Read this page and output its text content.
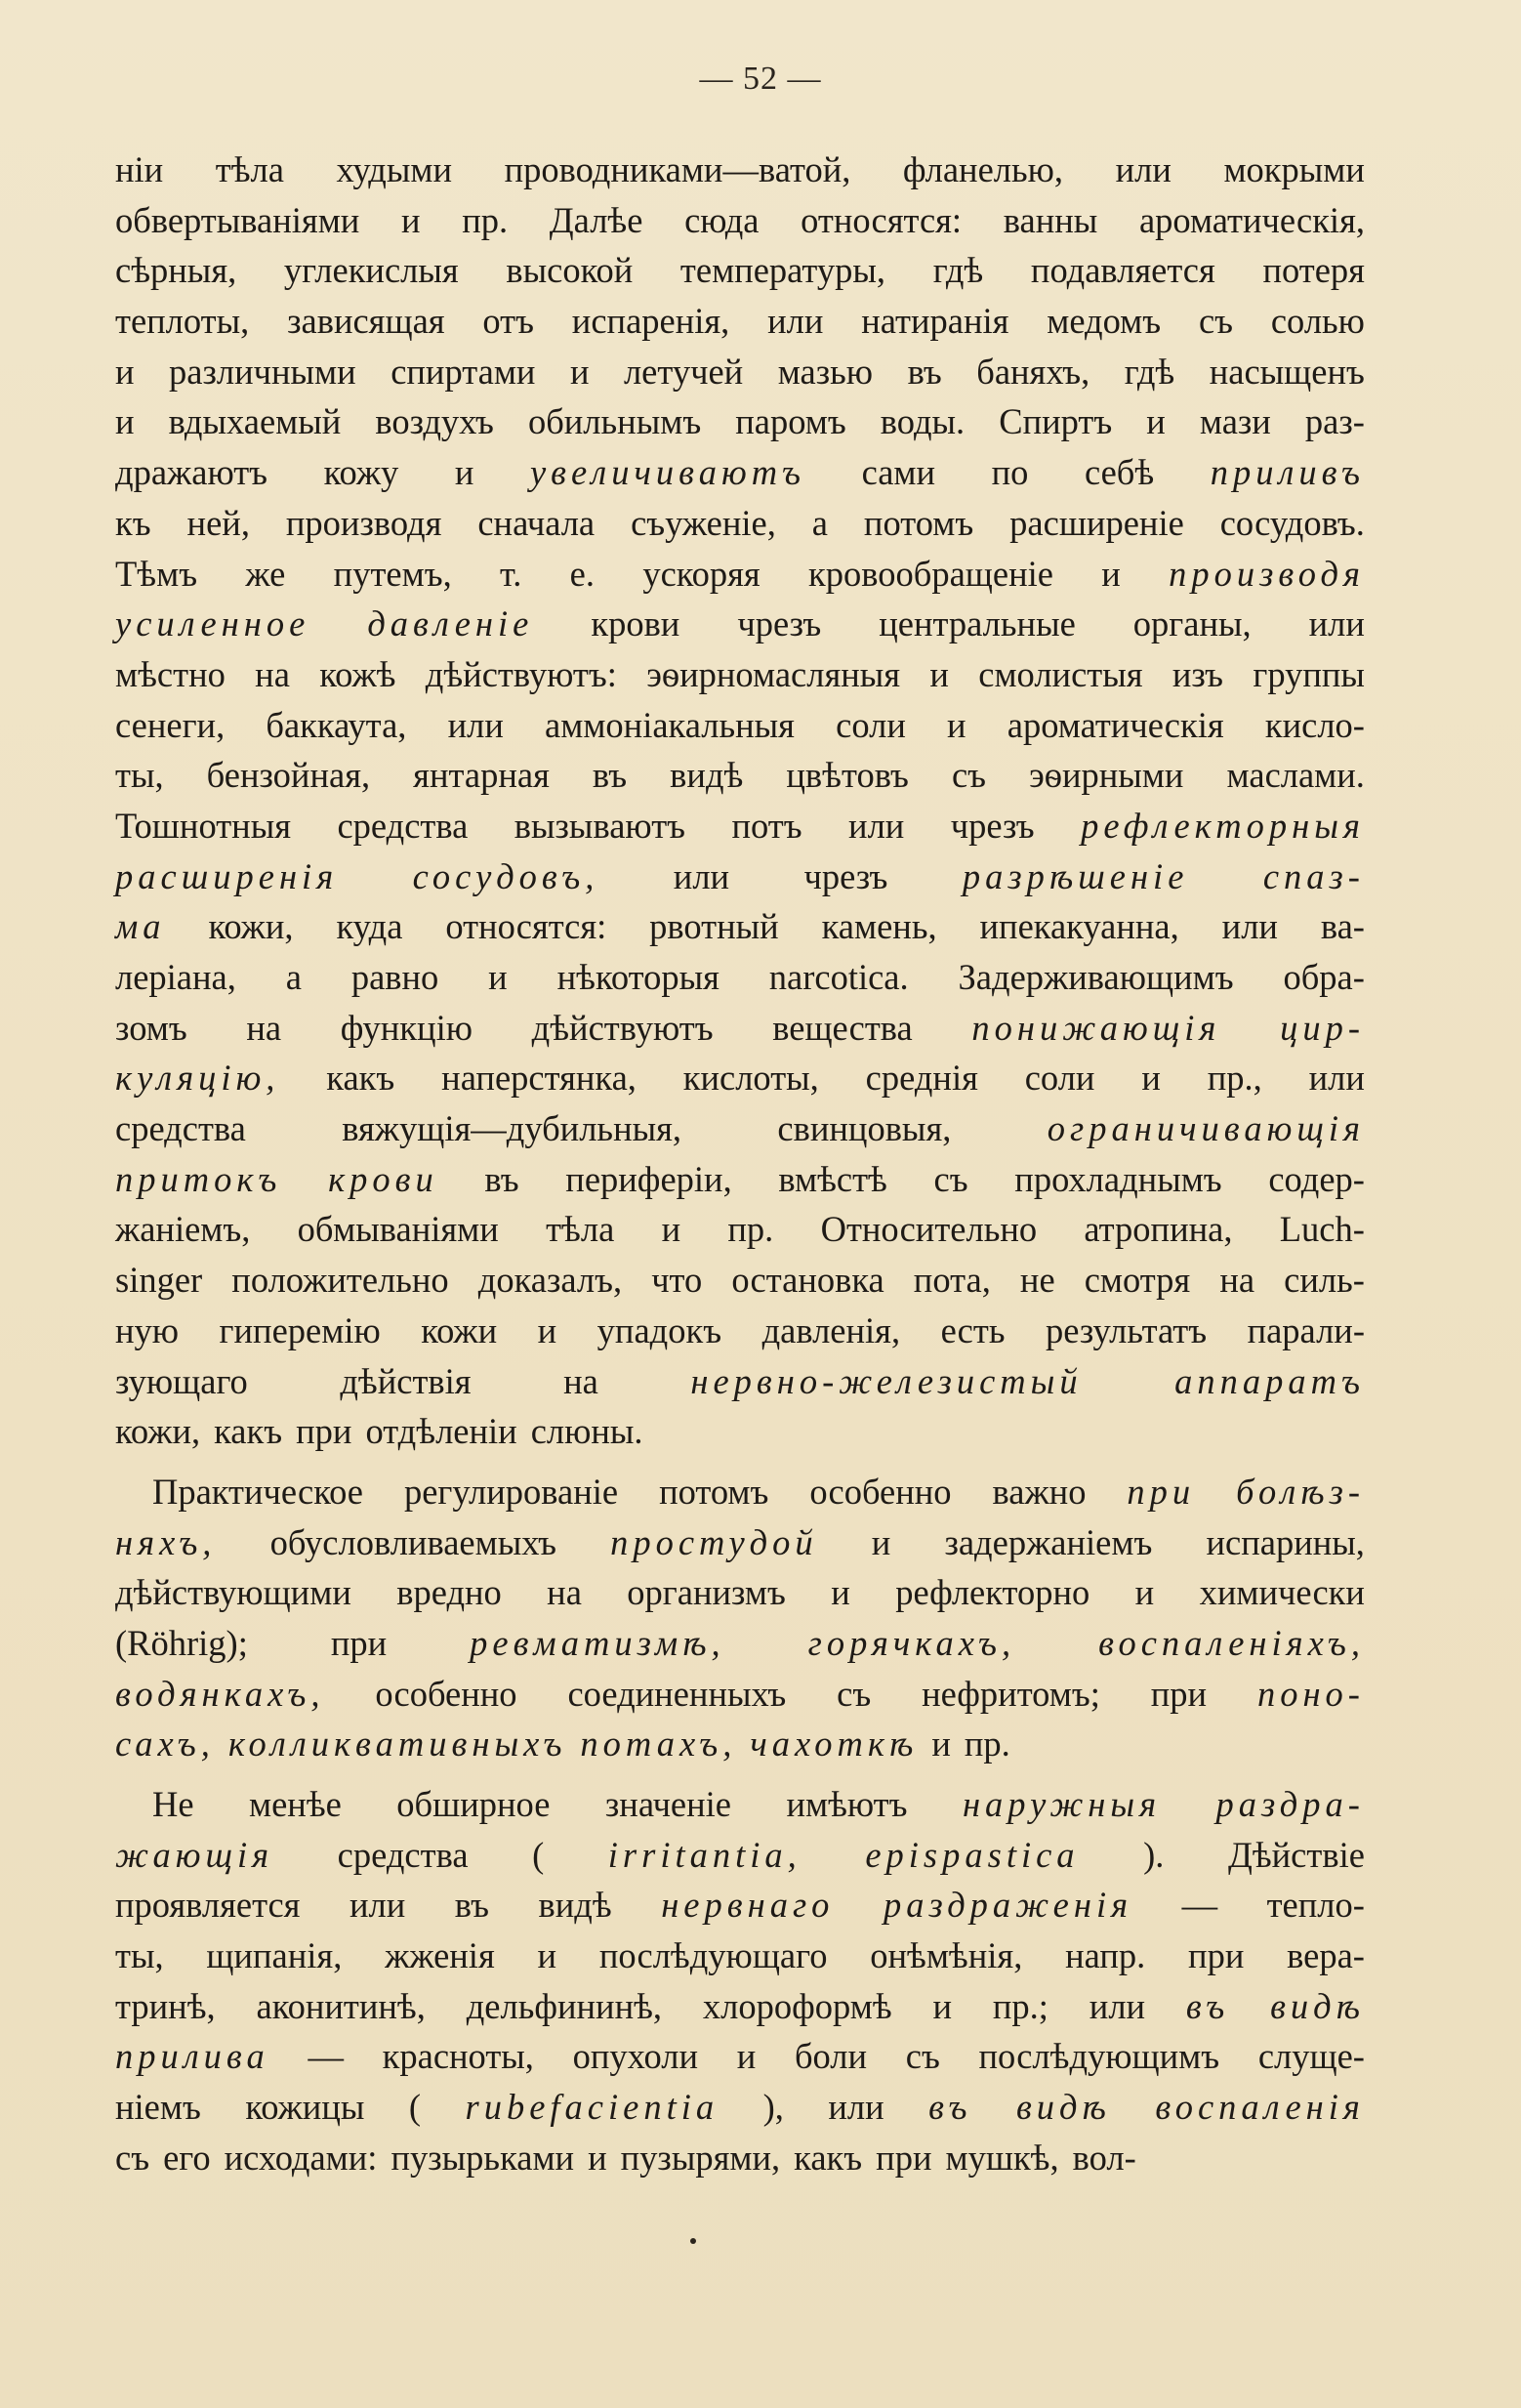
— 52 —
нiи тѣла худыми проводниками—ватой, фланелью, или мокрыми
обвертыванiями и пр. Далѣе сюда относятся: ванны ароматическiя,
сѣрныя, углекислыя высокой температуры, гдѣ подавляется потеря
теплоты, зависящая отъ испаренiя, или натиранiя медомъ съ солью
и различными спиртами и летучей мазью въ баняхъ, гдѣ насыщенъ
и вдыхаемый воздухъ обильнымъ паромъ воды. Спиртъ и мази раз-
дражаютъ кожу и увеличиваютъ сами по себѣ приливъ
къ ней, производя сначала съуженiе, а потомъ расширенiе сосудовъ.
Тѣмъ же путемъ, т. е. ускоряя кровообращенiе и производя
усиленное давленiе крови чрезъ центральные органы, или
мѣстно на кожѣ дѣйствуютъ: эѳирномасляныя и смолистыя изъ группы
сенеги, баккаута, или аммонiакальныя соли и ароматическiя кисло-
ты, бензойная, янтарная въ видѣ цвѣтовъ съ эѳирными маслами.
Тошнотныя средства вызываютъ потъ или чрезъ рефлекторныя
расширенiя сосудовъ, или чрезъ разрѣшенiе спаз-
ма кожи, куда относятся: рвотный камень, ипекакуанна, или ва-
лерiана, а равно и нѣкоторыя narcotica. Задерживающимъ обра-
зомъ на функцiю дѣйствуютъ вещества понижающiя цир-
куляцiю, какъ наперстянка, кислоты, среднiя соли и пр., или
средства	вяжущiя—дубильныя,	свинцовыя,	ограничивающiя
притокъ крови въ периферiи, вмѣстѣ съ прохладнымъ содер-
жанiемъ, обмыванiями тѣла и пр. Относительно атропина, Luch-
singer положительно доказалъ, что остановка пота, не смотря на силь-
ную гиперемiю кожи и упадокъ давленiя, есть результатъ парали-
зующаго	дѣйствiя	на	нервно-железистый	аппаратъ
кожи, какъ при отдѣленiи слюны.
Практическое регулированiе потомъ особенно важно при болѣз-
няхъ, обусловливаемыхъ простудой и задержанiемъ испарины,
дѣйствующими вредно на организмъ и рефлекторно и химически
(Röhrig); при ревматизмѣ, горячкахъ, воспаленiяхъ,
водянкахъ, особенно соединенныхъ съ нефритомъ; при поно-
сахъ, колликвативныхъ потахъ, чахоткѣ и пр.
Не менѣе обширное значенiе имѣютъ наружныя раздра-
жающiя средства ( irritantia, epispastica ). Дѣйствiе
проявляется или въ видѣ нервнаго раздраженiя — тепло-
ты, щипанiя, жженiя и послѣдующаго онѣмѣнiя, напр. при верa-
тринѣ, аконитинѣ, дельфининѣ, хлороформѣ и пр.; или въ видѣ
прилива — красноты, опухоли и боли съ послѣдующимъ слуще-
нiемъ кожицы ( rubefacientia ), или въ видѣ воспаленiя
съ его исходами: пузырьками и пузырями, какъ при мушкѣ, вол-
